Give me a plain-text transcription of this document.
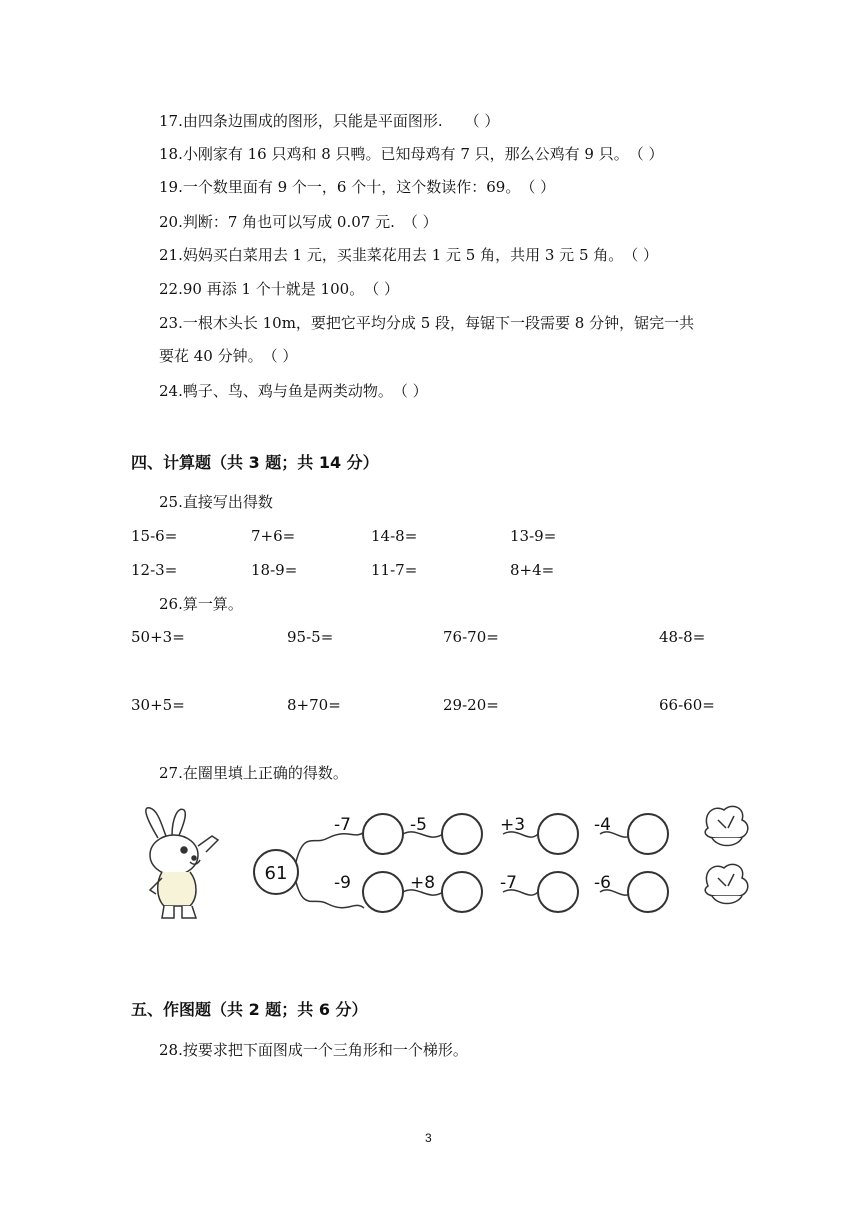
17.由四条边围成的图形，只能是平面图形. （ ）
18.小刚家有 16 只鸡和 8 只鸭。已知母鸡有 7 只，那么公鸡有 9 只。（ ）
19.一个数里面有 9 个一，6 个十，这个数读作：69。（ ）
20.判断：7 角也可以写成 0.07 元. （ ）
21.妈妈买白菜用去 1 元，买韭菜花用去 1 元 5 角，共用 3 元 5 角。（ ）
22.90 再添 1 个十就是 100。（ ）
23.一根木头长 10m，要把它平均分成 5 段，每锯下一段需要 8 分钟，锯完一共
要花 40 分钟。（ ）
24.鸭子、鸟、鸡与鱼是两类动物。（ ）
四、计算题（共 3 题；共 14 分）
25.直接写出得数
15-6=	7+6=	14-8=	13-9=
12-3=	18-9=	11-7=	8+4=
26.算一算。
50+3=	95-5=	76-70=	48-8=
30+5=	8+70=	29-20=	66-60=
27.在圈里填上正确的得数。
61
-7	-5	+3	-4
-9	+8	-7	-6
五、作图题（共 2 题；共 6 分）
28.按要求把下面图成一个三角形和一个梯形。
3
